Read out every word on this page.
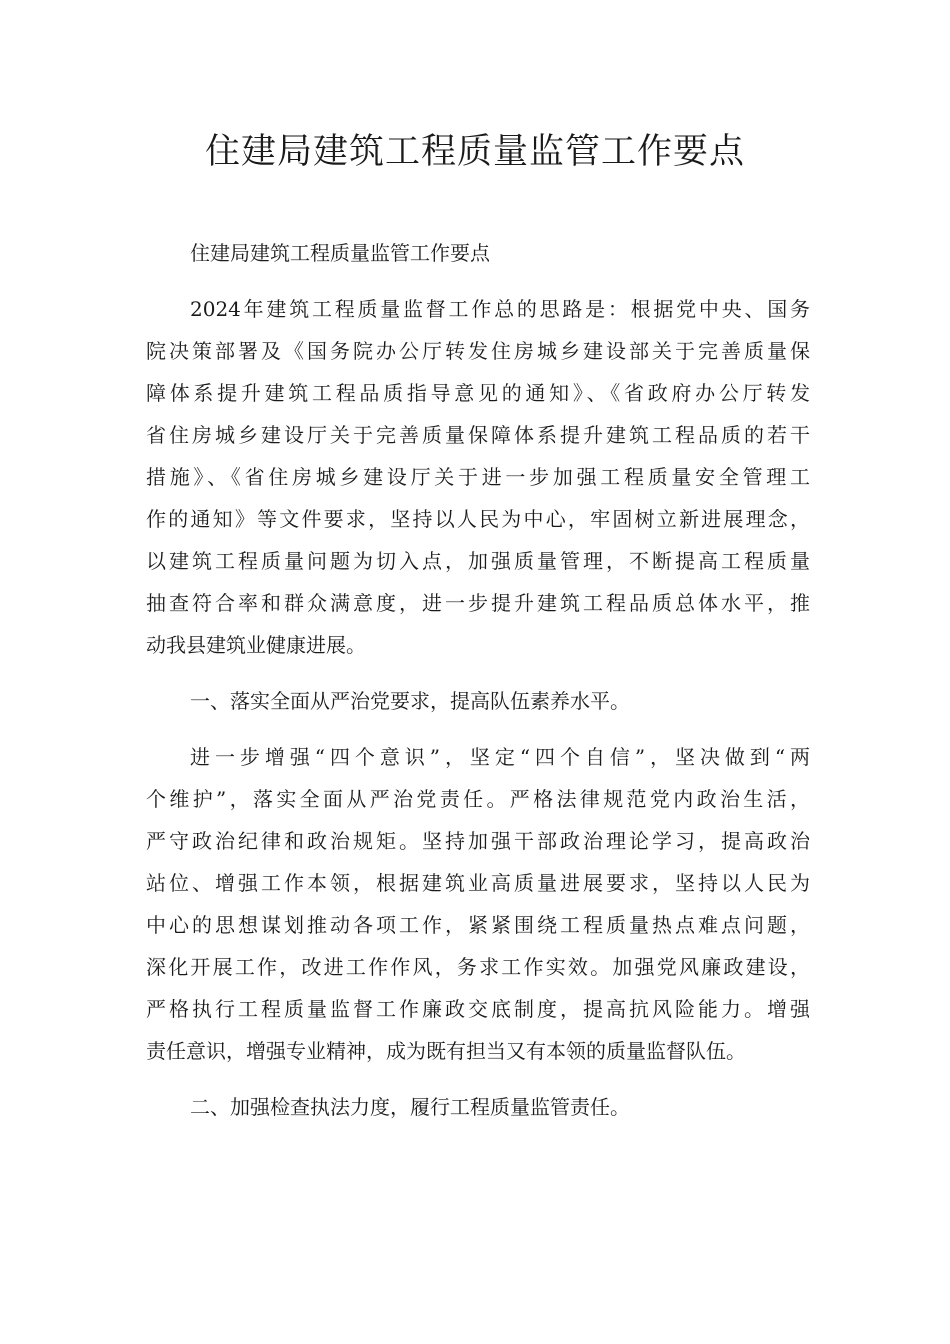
住建局建筑工程质量监管工作要点
住建局建筑工程质量监管工作要点
2024年建筑工程质量监督工作总的思路是：根据党中央、国务
院决策部署及《国务院办公厅转发住房城乡建设部关于完善质量保
障体系提升建筑工程品质指导意见的通知》、《省政府办公厅转发
省住房城乡建设厅关于完善质量保障体系提升建筑工程品质的若干
措施》、《省住房城乡建设厅关于进一步加强工程质量安全管理工
作的通知》等文件要求，坚持以人民为中心，牢固树立新进展理念，
以建筑工程质量问题为切入点，加强质量管理，不断提高工程质量
抽查符合率和群众满意度，进一步提升建筑工程品质总体水平，推
动我县建筑业健康进展。
一、落实全面从严治党要求，提高队伍素养水平。
进一步增强“四个意识”，坚定“四个自信”，坚决做到“两
个维护”，落实全面从严治党责任。严格法律规范党内政治生活，
严守政治纪律和政治规矩。坚持加强干部政治理论学习，提高政治
站位、增强工作本领，根据建筑业高质量进展要求，坚持以人民为
中心的思想谋划推动各项工作，紧紧围绕工程质量热点难点问题，
深化开展工作，改进工作作风，务求工作实效。加强党风廉政建设，
严格执行工程质量监督工作廉政交底制度，提高抗风险能力。增强
责任意识，增强专业精神，成为既有担当又有本领的质量监督队伍。
二、加强检查执法力度，履行工程质量监管责任。
